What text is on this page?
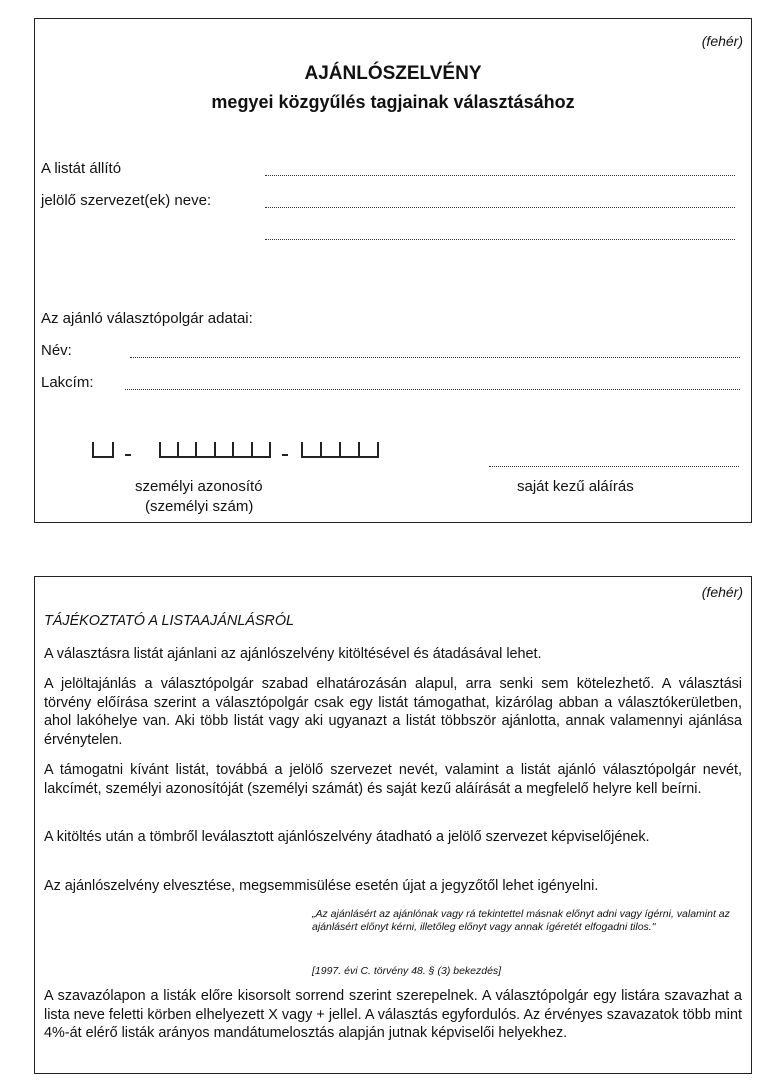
(fehér)
AJÁNLÓSZELVÉNY
megyei közgyűlés tagjainak választásához
A listát állító
jelölő szervezet(ek) neve:
Az ajánló választópolgár adatai:
Név:
Lakcím:
személyi azonosító
(személyi szám)
saját kezű aláírás
(fehér)
TÁJÉKOZTATÓ A LISTAAJÁNLÁSRÓL
A választásra listát ajánlani az ajánlószelvény kitöltésével és átadásával lehet.
A jelöltajánlás a választópolgár szabad elhatározásán alapul, arra senki sem kötelezhető. A választási törvény előírása szerint a választópolgár csak egy listát támogathat, kizárólag abban a választókerületben, ahol lakóhelye van. Aki több listát vagy aki ugyanazt a listát többször ajánlotta, annak valamennyi ajánlása érvénytelen.
A támogatni kívánt listát, továbbá a jelölő szervezet nevét, valamint a listát ajánló választópolgár nevét, lakcímét, személyi azonosítóját (személyi számát) és saját kezű aláírását a megfelelő helyre kell beírni.
A kitöltés után a tömbről leválasztott ajánlószelvény átadható a jelölő szervezet képviselőjének.
Az ajánlószelvény elvesztése, megsemmisülése esetén újat a jegyzőtől lehet igényelni.
„Az ajánlásért az ajánlónak vagy rá tekintettel másnak előnyt adni vagy ígérni, valamint az ajánlásért előnyt kérni, illetőleg előnyt vagy annak ígéretét elfogadni tilos."
[1997. évi C. törvény 48. § (3) bekezdés]
A szavazólapon a listák előre kisorsolt sorrend szerint szerepelnek. A választópolgár egy listára szavazhat a lista neve feletti körben elhelyezett X vagy + jellel. A választás egyfordulós. Az érvényes szavazatok több mint 4%-át elérő listák arányos mandátumelosztás alapján jutnak képviselői helyekhez.
